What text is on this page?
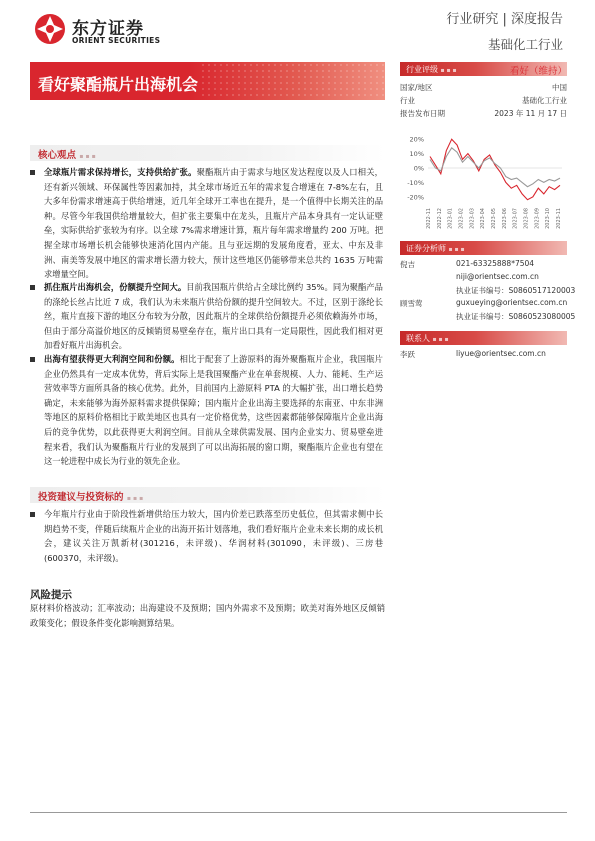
东方证券
ORIENT SECURITIES
行业研究 | 深度报告
基础化工行业
看好聚酯瓶片出海机会
行业评级 ▪ ▪ ▪	看好（维持）
国家/地区	中国
行业	基础化工行业
报告发布日期	2023 年 11 月 17 日
20%
10%
0%
-10%
-20%
2022-11 2022-12 2023-01 2023-02 2023-03 2023-04 2023-05 2023-06 2023-07 2023-08 2023-09 2023-10 2023-11
证券分析师 ▪ ▪ ▪
倪吉	021-63325888*7504
niji@orientsec.com.cn
执业证书编号：S0860517120003
顾雪莺	guxueying@orientsec.com.cn
执业证书编号：S0860523080005
联系人 ▪ ▪ ▪
李跃	liyue@orientsec.com.cn
核心观点 ▪ ▪ ▪
全球瓶片需求保持增长，支持供给扩张。聚酯瓶片由于需求与地区发达程度以及人口相关，还有新兴领域、环保属性等因素加持，其全球市场近五年的需求复合增速在 7-8%左右，且大多年份需求增速高于供给增速，近几年全球开工率也在提升，是一个值得中长期关注的品种。尽管今年我国供给增量较大，但扩张主要集中在龙头，且瓶片产品本身具有一定认证壁垒，实际供给扩张较为有序。以全球 7%需求增速计算，瓶片每年需求增量约 200 万吨。把握全球市场增长机会能够快速消化国内产能。且与亚远期的发展角度看，亚太、中东及非洲、南美等发展中地区的需求增长潜力较大，预计这些地区仍能够带来总共约 1635 万吨需求增量空间。
抓住瓶片出海机会，份额提升空间大。目前我国瓶片供给占全球比例约 35%。同为聚酯产品的涤纶长丝占比近 7 成，我们认为未来瓶片供给份额的提升空间较大。不过，区别于涤纶长丝，瓶片直接下游的地区分布较为分散，因此瓶片的全球供给份额提升必须依赖海外市场，但由于部分高溢价地区的反倾销贸易壁垒存在，瓶片出口具有一定局限性，因此我们相对更加看好瓶片出海机会。
出海有望获得更大利润空间和份额。相比于配套了上游原料的海外聚酯瓶片企业，我国瓶片企业仍然具有一定成本优势，背后实际上是我国聚酯产业在单套规模、人力、能耗、生产运营效率等方面所具备的核心优势。此外，目前国内上游原料 PTA 的大幅扩张，出口增长趋势确定，未来能够为海外原料需求提供保障；国内瓶片企业出海主要选择的东南亚、中东非洲等地区的原料价格相比于欧美地区也具有一定价格优势，这些因素都能够保障瓶片企业出海后的竞争优势，以此获得更大利润空间。目前从全球供需发展、国内企业实力、贸易壁垒进程来看，我们认为聚酯瓶片行业的发展到了可以出海拓展的窗口期，聚酯瓶片企业也有望在这一轮进程中成长为行业的领先企业。
投资建议与投资标的 ▪ ▪ ▪
今年瓶片行业由于阶段性新增供给压力较大，国内价差已跌落至历史低位，但其需求侧中长期趋势不变，伴随后续瓶片企业的出海开拓计划落地，我们看好瓶片企业未来长期的成长机会，建议关注万凯新材(301216，未评级)、华润材料(301090，未评级)、三房巷(600370，未评级)。
风险提示
原材料价格波动；汇率波动；出海建设不及预期；国内外需求不及预期；欧美对海外地区反倾销政策变化；假设条件变化影响测算结果。
